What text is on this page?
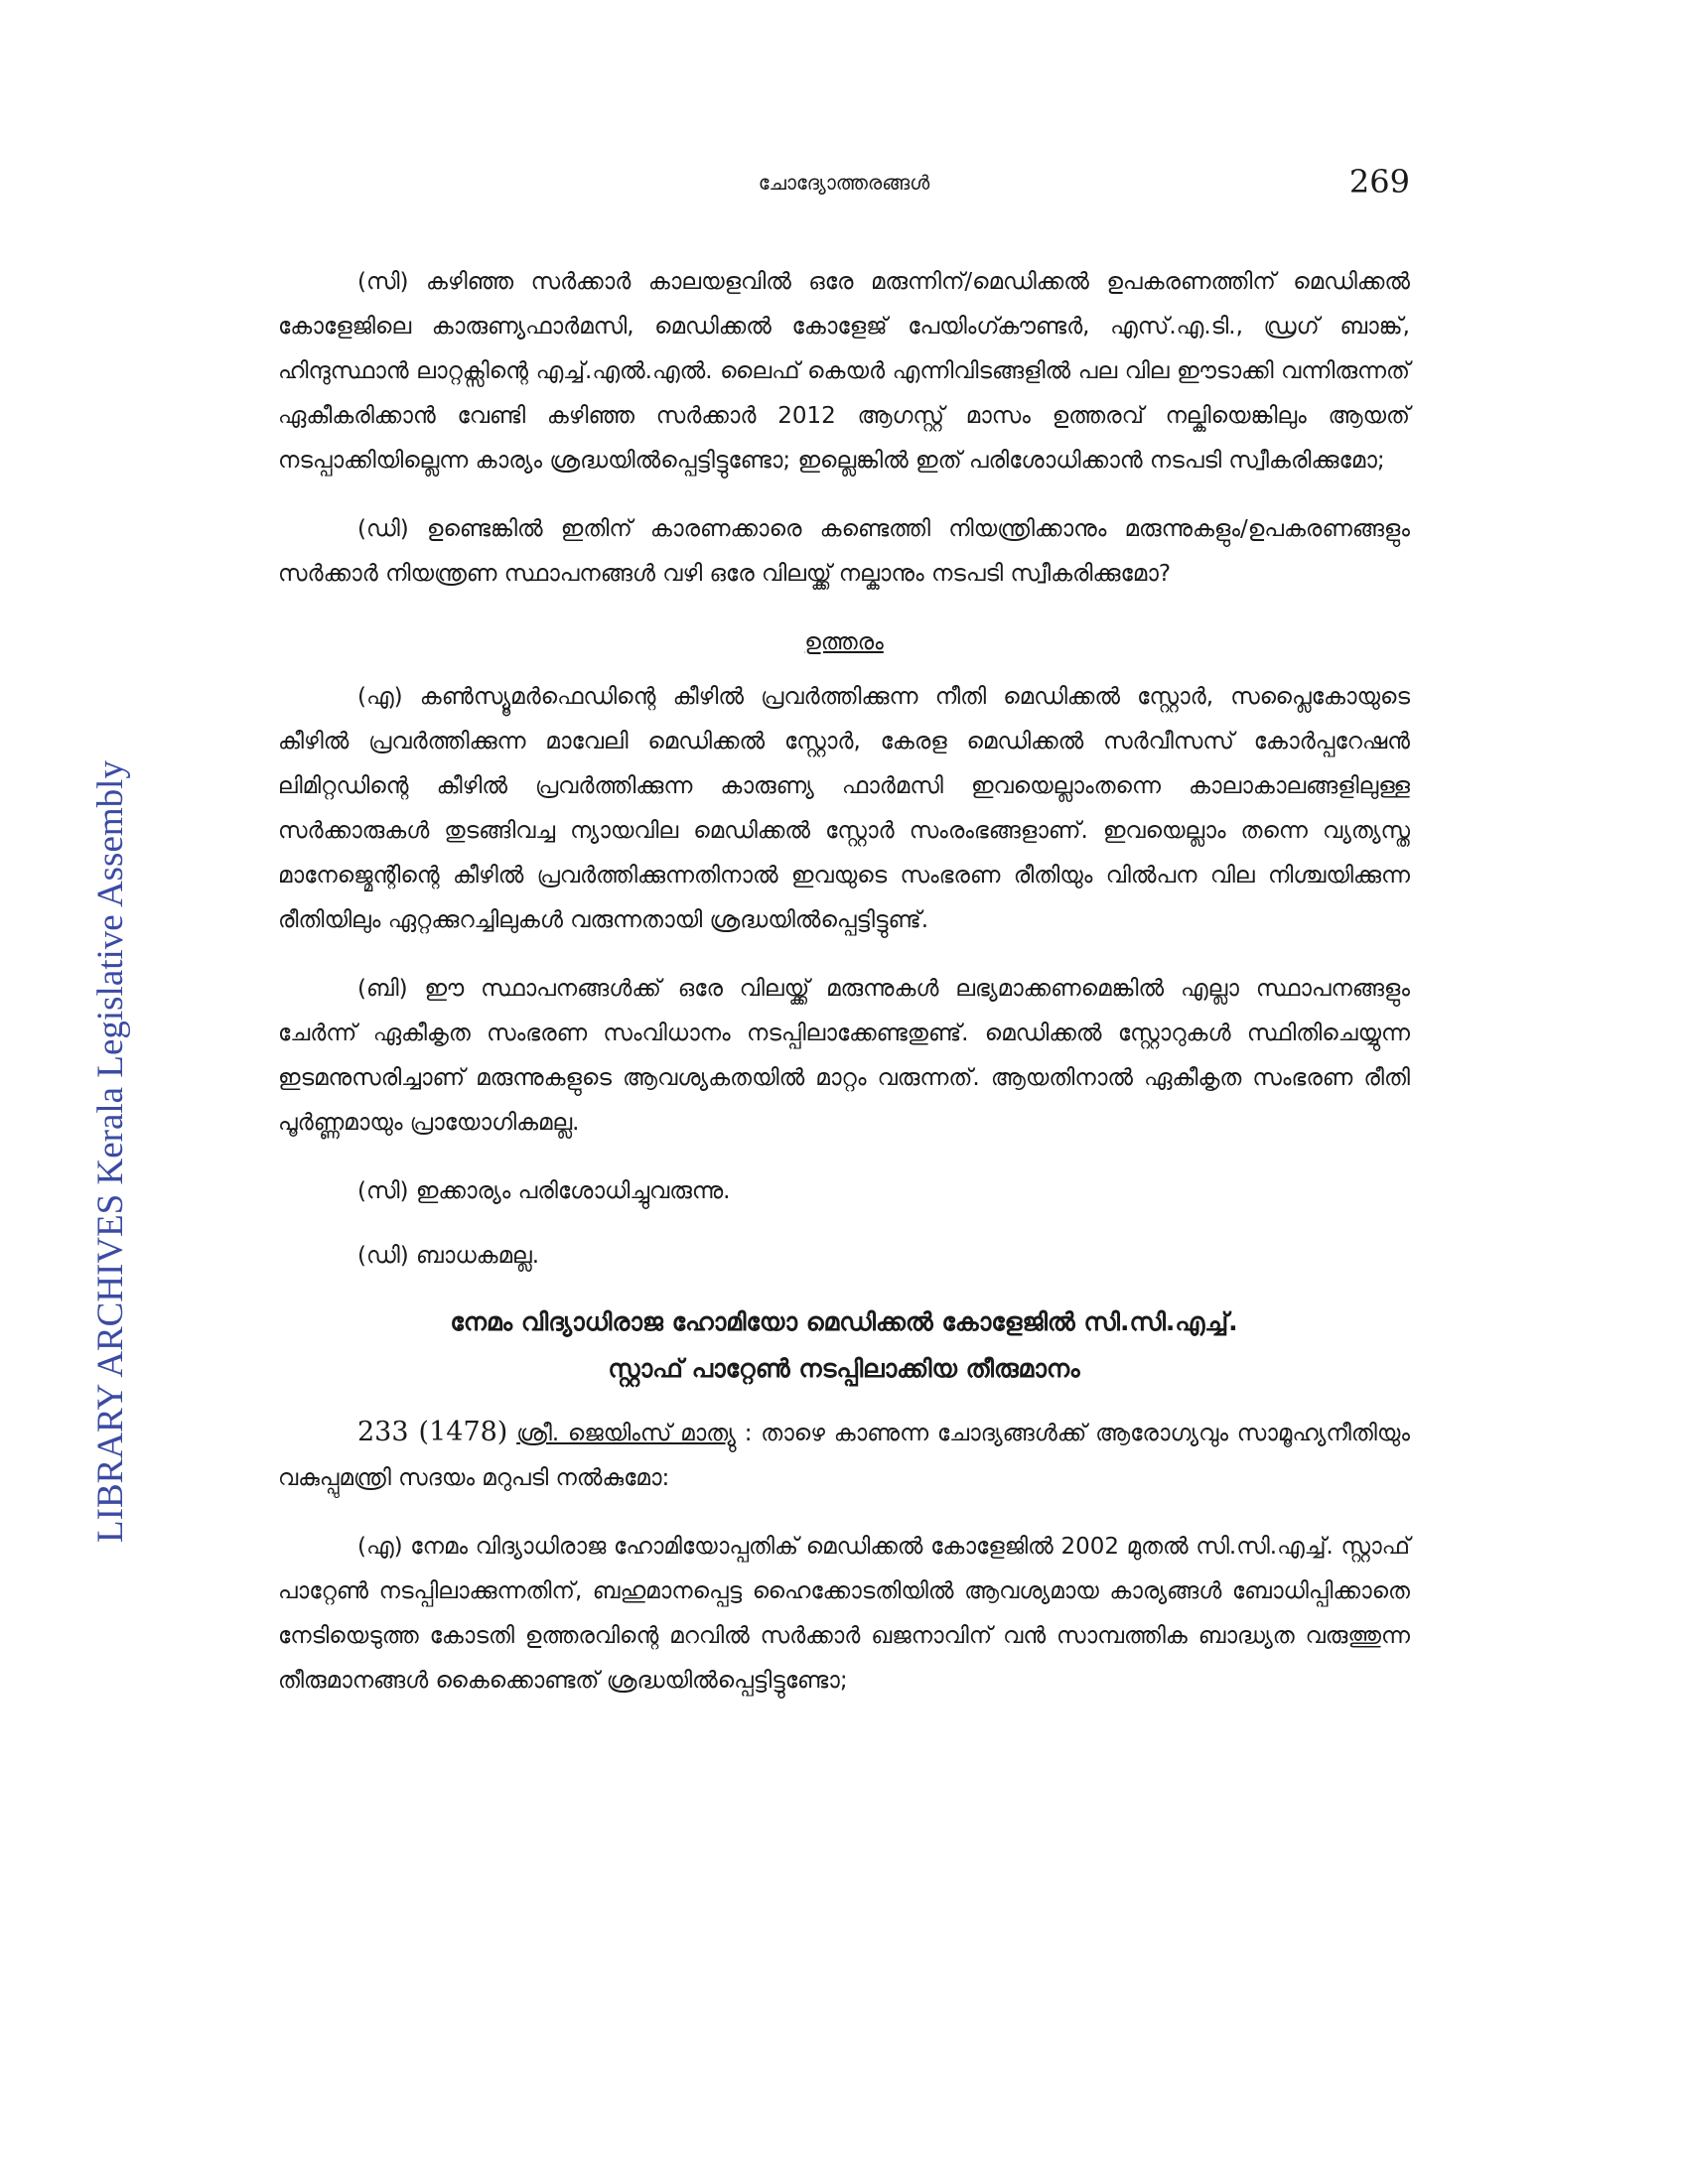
ചോദ്യോത്തരങ്ങൾ	269
LIBRARY ARCHIVES Kerala Legislative Assembly

(സി) കഴിഞ്ഞ സർക്കാർ കാലയളവിൽ ഒരേ മരുന്നിന്/മെഡിക്കൽ ഉപകരണത്തിന് മെഡിക്കൽ കോളേജിലെ കാരുണ്യഫാർമസി, മെഡിക്കൽ കോളേജ് പേയിംഗ്കൗണ്ടർ, എസ്.എ.ടി., ഡ്രഗ് ബാങ്ക്, ഹിന്ദുസ്ഥാൻ ലാറ്റക്സിന്റെ എച്ച്.എൽ.എൽ. ലൈഫ് കെയർ എന്നിവിടങ്ങളിൽ പല വില ഈടാക്കി വന്നിരുന്നത് ഏകീകരിക്കാൻ വേണ്ടി കഴിഞ്ഞ സർക്കാർ 2012 ആഗസ്റ്റ് മാസം ഉത്തരവ് നല്കിയെങ്കിലും ആയത് നടപ്പാക്കിയില്ലെന്ന കാര്യം ശ്രദ്ധയിൽപ്പെട്ടിട്ടുണ്ടോ; ഇല്ലെങ്കിൽ ഇത് പരിശോധിക്കാൻ നടപടി സ്വീകരിക്കുമോ;

(ഡി) ഉണ്ടെങ്കിൽ ഇതിന് കാരണക്കാരെ കണ്ടെത്തി നിയന്ത്രിക്കാനും മരുന്നുകളും/ഉപകരണങ്ങളും സർക്കാർ നിയന്ത്രണ സ്ഥാപനങ്ങൾ വഴി ഒരേ വിലയ്ക്ക് നല്കാനും നടപടി സ്വീകരിക്കുമോ?

ഉത്തരം

(എ) കൺസ്യൂമർഫെഡിന്റെ കീഴിൽ പ്രവർത്തിക്കുന്ന നീതി മെഡിക്കൽ സ്റ്റോർ, സപ്ലൈകോയുടെ കീഴിൽ പ്രവർത്തിക്കുന്ന മാവേലി മെഡിക്കൽ സ്റ്റോർ, കേരള മെഡിക്കൽ സർവീസസ് കോർപ്പറേഷൻ ലിമിറ്റഡിന്റെ കീഴിൽ പ്രവർത്തിക്കുന്ന കാരുണ്യ ഫാർമസി ഇവയെല്ലാംതന്നെ കാലാകാലങ്ങളിലുള്ള സർക്കാരുകൾ തുടങ്ങിവച്ച ന്യായവില മെഡിക്കൽ സ്റ്റോർ സംരംഭങ്ങളാണ്. ഇവയെല്ലാം തന്നെ വ്യത്യസ്ത മാനേജ്മെന്റിന്റെ കീഴിൽ പ്രവർത്തിക്കുന്നതിനാൽ ഇവയുടെ സംഭരണ രീതിയും വിൽപന വില നിശ്ചയിക്കുന്ന രീതിയിലും ഏറ്റക്കുറച്ചിലുകൾ വരുന്നതായി ശ്രദ്ധയിൽപ്പെട്ടിട്ടുണ്ട്.

(ബി) ഈ സ്ഥാപനങ്ങൾക്ക് ഒരേ വിലയ്ക്ക് മരുന്നുകൾ ലഭ്യമാക്കണമെങ്കിൽ എല്ലാ സ്ഥാപനങ്ങളും ചേർന്ന് ഏകീകൃത സംഭരണ സംവിധാനം നടപ്പിലാക്കേണ്ടതുണ്ട്. മെഡിക്കൽ സ്റ്റോറുകൾ സ്ഥിതിചെയ്യുന്ന ഇടമനുസരിച്ചാണ് മരുന്നുകളുടെ ആവശ്യകതയിൽ മാറ്റം വരുന്നത്. ആയതിനാൽ ഏകീകൃത സംഭരണ രീതി പൂർണ്ണമായും പ്രായോഗികമല്ല.

(സി) ഇക്കാര്യം പരിശോധിച്ചുവരുന്നു.

(ഡി) ബാധകമല്ല.

നേമം വിദ്യാധിരാജ ഹോമിയോ മെഡിക്കൽ കോളേജിൽ സി.സി.എച്ച്.
സ്റ്റാഫ് പാറ്റേൺ നടപ്പിലാക്കിയ തീരുമാനം

233 (1478) ശ്രീ. ജെയിംസ് മാത്യു : താഴെ കാണുന്ന ചോദ്യങ്ങൾക്ക് ആരോഗ്യവും സാമൂഹ്യനീതിയും വകുപ്പുമന്ത്രി സദയം മറുപടി നൽകുമോ:

(എ) നേമം വിദ്യാധിരാജ ഹോമിയോപ്പതിക് മെഡിക്കൽ കോളേജിൽ 2002 മുതൽ സി.സി.എച്ച്. സ്റ്റാഫ് പാറ്റേൺ നടപ്പിലാക്കുന്നതിന്, ബഹുമാനപ്പെട്ട ഹൈക്കോടതിയിൽ ആവശ്യമായ കാര്യങ്ങൾ ബോധിപ്പിക്കാതെ നേടിയെടുത്ത കോടതി ഉത്തരവിന്റെ മറവിൽ സർക്കാർ ഖജനാവിന് വൻ സാമ്പത്തിക ബാദ്ധ്യത വരുത്തുന്ന തീരുമാനങ്ങൾ കൈക്കൊണ്ടത് ശ്രദ്ധയിൽപ്പെട്ടിട്ടുണ്ടോ;
